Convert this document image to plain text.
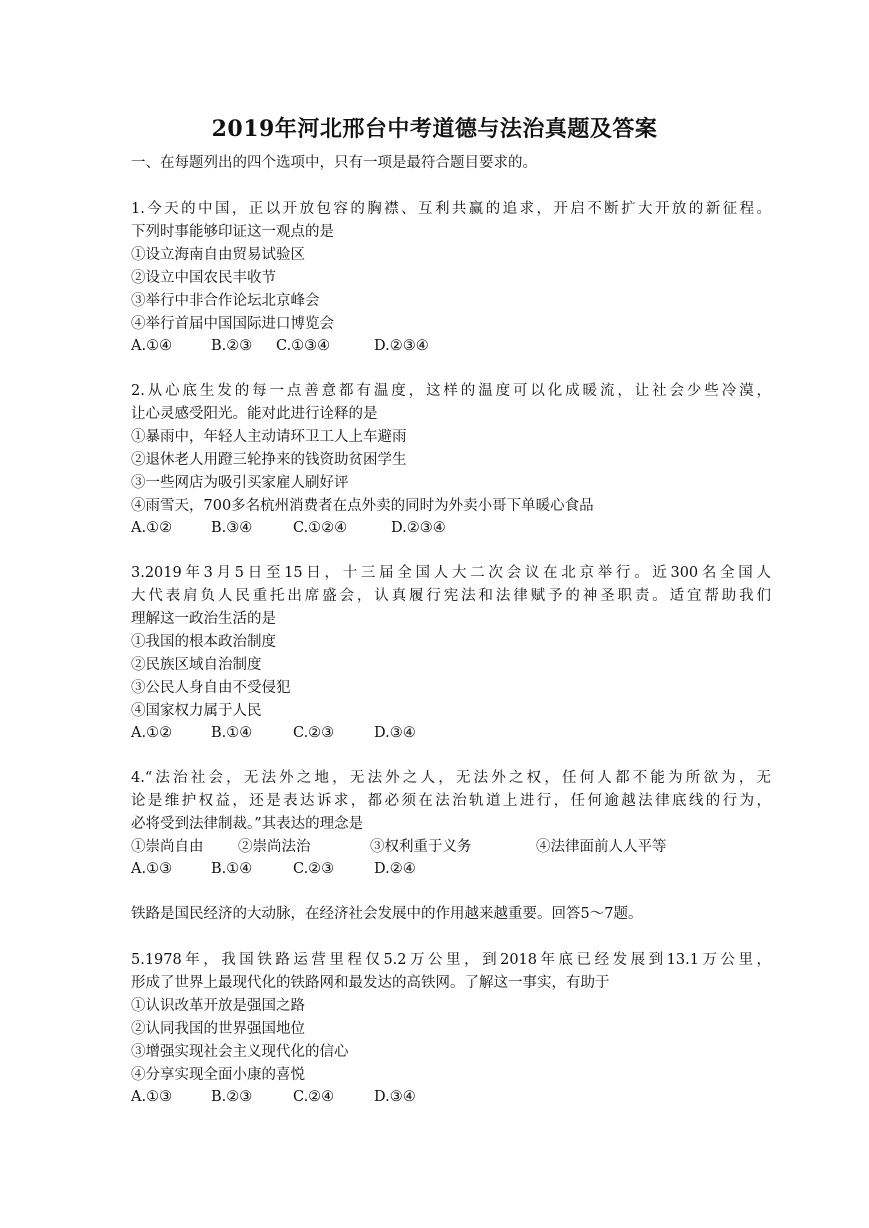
2019年河北邢台中考道德与法治真题及答案
一、在每题列出的四个选项中，只有一项是最符合题目要求的。
1.今天的中国，正以开放包容的胸襟、互利共赢的追求，开启不断扩大开放的新征程。
下列时事能够印证这一观点的是
①设立海南自由贸易试验区
②设立中国农民丰收节
③举行中非合作论坛北京峰会
④举行首届中国国际进口博览会
A.①④	B.②③ C.①③④	D.②③④
2.从心底生发的每一点善意都有温度，这样的温度可以化成暖流，让社会少些冷漠，
让心灵感受阳光。能对此进行诠释的是
①暴雨中，年轻人主动请环卫工人上车避雨
②退休老人用蹬三轮挣来的钱资助贫困学生
③一些网店为吸引买家雇人刷好评
④雨雪天，700多名杭州消费者在点外卖的同时为外卖小哥下单暖心食品
A.①②	B.③④	C.①②④	D.②③④
3.2019年3月5日至15日，十三届全国人大二次会议在北京举行。近300名全国人
大代表肩负人民重托出席盛会，认真履行宪法和法律赋予的神圣职责。适宜帮助我们
理解这一政治生活的是
①我国的根本政治制度
②民族区域自治制度
③公民人身自由不受侵犯
④国家权力属于人民
A.①②	B.①④	C.②③	D.③④
4.“法治社会，无法外之地，无法外之人，无法外之权，任何人都不能为所欲为，无
论是维护权益，还是表达诉求，都必须在法治轨道上进行，任何逾越法律底线的行为，
必将受到法律制裁。”其表达的理念是
①崇尚自由 ②崇尚法治	③权利重于义务	④法律面前人人平等
A.①③	B.①④	C.②③	D.②④
铁路是国民经济的大动脉，在经济社会发展中的作用越来越重要。回答5～7题。
5.1978年，我国铁路运营里程仅5.2万公里，到2018年底已经发展到13.1万公里，
形成了世界上最现代化的铁路网和最发达的高铁网。了解这一事实，有助于
①认识改革开放是强国之路
②认同我国的世界强国地位
③增强实现社会主义现代化的信心
④分享实现全面小康的喜悦
A.①③	B.②③	C.②④	D.③④
